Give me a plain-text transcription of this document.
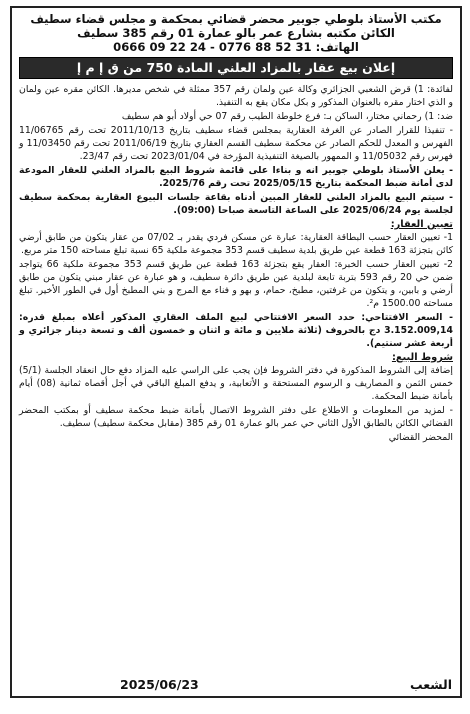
مكتب الأستاذ بلوطي جوبير محضر قضائي بمحكمة و مجلس قضاء سطيف
الكائن مكتبه بشارع عمر بالو عمارة 01 رقم 385 سطيف
الهاتف: 0666 09 22 24 - 0776 88 52 31
إعلان بيع عقار بالمزاد العلني المادة 750 من ق إ م إ

لفائدة: 1) قرض الشعبي الجزائري وكالة عين ولمان رقم 357 ممثلة في شخص مديرها. الكائن مقره عين ولمان و الذي اختار مقره بالعنوان المذكور و بكل مكان يقع به التنفيذ.

ضد: 1) رحماني مختار، الساكن بـ: فرع خلوطة الطيب رقم 07 حي أولاد أبو هم سطيف

- تنفيذا للقرار الصادر عن الغرفة العقارية بمجلس قضاء سطيف بتاريخ 2011/10/13 تحت رقم 11/06765 الفهرس و المعدل للحكم الصادر عن محكمة سطيف القسم العقاري بتاريخ 2011/06/19 تحت رقم 11/03450 و فهرس رقم 11/05032 و الممهور بالصيغة التنفيذية المؤرخة في 2023/01/04 تحت رقم 23/47.

- يعلن الأستاذ بلوطي جوبير انه و بناءا على قائمة شروط البيع بالمزاد العلني للعقار المودعة لدى أمانة ضبط المحكمة بتاريخ 2025/05/15 تحت رقم 2025/76.

- سيتم البيع بالمزاد العلني للعقار المبين أدناه بقاعة جلسات البيوع العقارية بمحكمة سطيف لجلسة يوم 2025/06/24 على الساعة التاسعة صباحا (09:00).

تعيين العقار:

1- تعيين العقار حسب البطاقة العقارية: عبارة عن مسكن فردي يقدر بـ 07/02 من عقار يتكون من طابق أرضي كائن بتجزئة 163 قطعة عين طريق بلدية سطيف قسم 353 مجموعة ملكية 65 نسبة تبلغ مساحته 150 متر مربع.

2- تعيين العقار حسب الخبرة: العقار يقع بتجزئة 163 قطعة عين طريق قسم 353 مجموعة ملكية 66 يتواجد ضمن حي 20 رقم 593 بتربة تابعة لبلدية عين طريق دائرة سطيف، و هو عبارة عن عقار مبني يتكون من طابق أرضي و بابين، و يتكون من غرفتين، مطبخ، حمام، و بهو و فناء مع المرج و بني المطبخ أول في الطور الأخير. تبلغ مساحته 1500.00 م².

- السعر الافتتاحي: حدد السعر الافتتاحي لبيع الملف العقاري المذكور أعلاه بمبلغ قدره: 3.152.009,14 دج بالحروف (ثلاثة ملايين و مائة و اثنان و خمسون ألف و تسعة دينار جزائري و أربعة عشر سنتيم).

شروط البيع:

إضافة إلى الشروط المذكورة في دفتر الشروط فإن يجب على الراسي عليه المزاد دفع حال انعقاد الجلسة (5/1) خمس الثمن و المصاريف و الرسوم المستحقة و الأتعابية، و يدفع المبلغ الباقي في أجل أقصاه ثمانية (08) أيام بأمانة ضبط المحكمة.

- لمزيد من المعلومات و الاطلاع على دفتر الشروط الاتصال بأمانة ضبط محكمة سطيف أو بمكتب المحضر القضائي الكائن بالطابق الأول الثاني حي عمر بالو عمارة 01 رقم 385 (مقابل محكمة سطيف) سطيف.

المحضر القضائي
الشعب
2025/06/23
